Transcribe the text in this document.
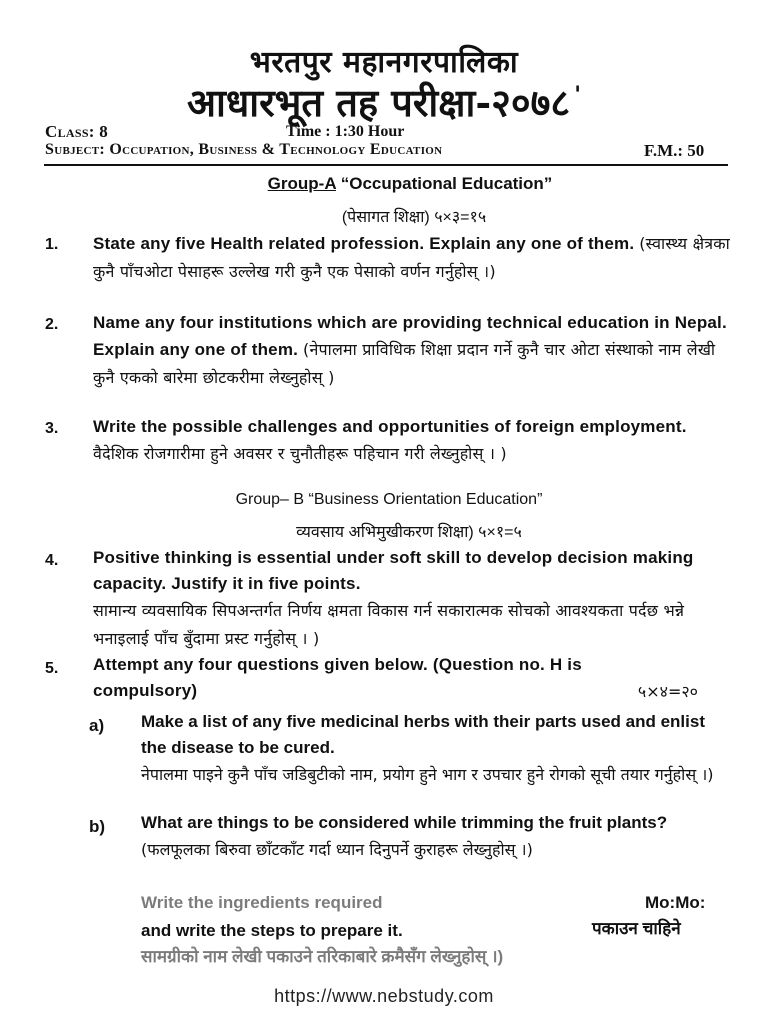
भरतपुर महानगरपालिका
आधारभूत तह परीक्षा-२०७८ '
Class: 8	Time : 1:30 Hour
Subject: Occupation, Business & Technology Education	F.M.: 50
Group-A “Occupational Education”
(पेसागत शिक्षा) ५×३=१५
1. State any five Health related profession. Explain any one of them. (स्वास्थ्य क्षेत्रका कुनै पाँचओटा पेसाहरू उल्लेख गरी कुनै एक पेसाको वर्णन गर्नुहोस् ।)
2. Name any four institutions which are providing technical education in Nepal. Explain any one of them. (नेपालमा प्राविधिक शिक्षा प्रदान गर्ने कुनै चार ओटा संस्थाको नाम लेखी कुनै एकको बारेमा छोटकरीमा लेख्नुहोस् )
3. Write the possible challenges and opportunities of foreign employment.
वैदेशिक रोजगारीमा हुने अवसर र चुनौतीहरू पहिचान गरी लेख्नुहोस् । )
Group– B “Business Orientation Education”
व्यवसाय अभिमुखीकरण शिक्षा) ५×१=५
4. Positive thinking is essential under soft skill to develop decision making capacity. Justify it in five points.
सामान्य व्यवसायिक सिपअन्तर्गत निर्णय क्षमता विकास गर्न सकारात्मक सोचको आवश्यकता पर्दछ भन्ने भनाइलाई पाँच बुँदामा प्रस्ट गर्नुहोस् । )
5. Attempt any four questions given below. (Question no. H is
compulsory)	५×४=२०
a) Make a list of any five medicinal herbs with their parts used and enlist the disease to be cured.
नेपालमा पाइने कुनै पाँच जडिबुटीको नाम, प्रयोग हुने भाग र उपचार हुने रोगको सूची तयार गर्नुहोस् ।)
b) What are things to be considered while trimming the fruit plants? (फलफूलका बिरुवा छाँटकाँट गर्दा ध्यान दिनुपर्ने कुराहरू लेख्नुहोस् ।)
Write the ingredients required	Mo:Mo:
and write the steps to prepare it.	पकाउन चाहिने
सामग्रीको नाम लेखी पकाउने तरिकाबारे क्रमैसँग लेख्नुहोस् ।)
https://www.nebstudy.com
